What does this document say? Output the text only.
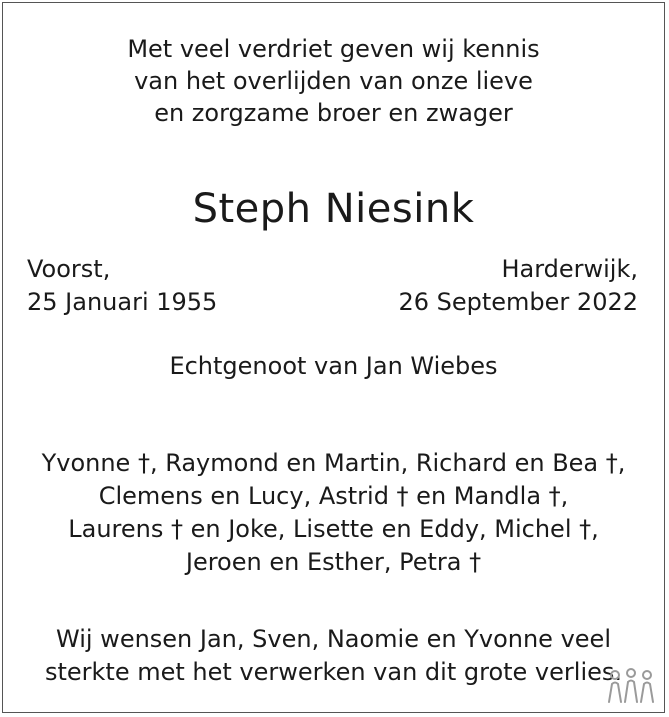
Met veel verdriet geven wij kennis
van het overlijden van onze lieve
en zorgzame broer en zwager
Steph Niesink
Voorst,
25 Januari 1955
Harderwijk,
26 September 2022
Echtgenoot van Jan Wiebes
Yvonne †, Raymond en Martin, Richard en Bea †,
Clemens en Lucy, Astrid † en Mandla †,
Laurens † en Joke, Lisette en Eddy, Michel †,
Jeroen en Esther, Petra †
Wij wensen Jan, Sven, Naomie en Yvonne veel
sterkte met het verwerken van dit grote verlies.
